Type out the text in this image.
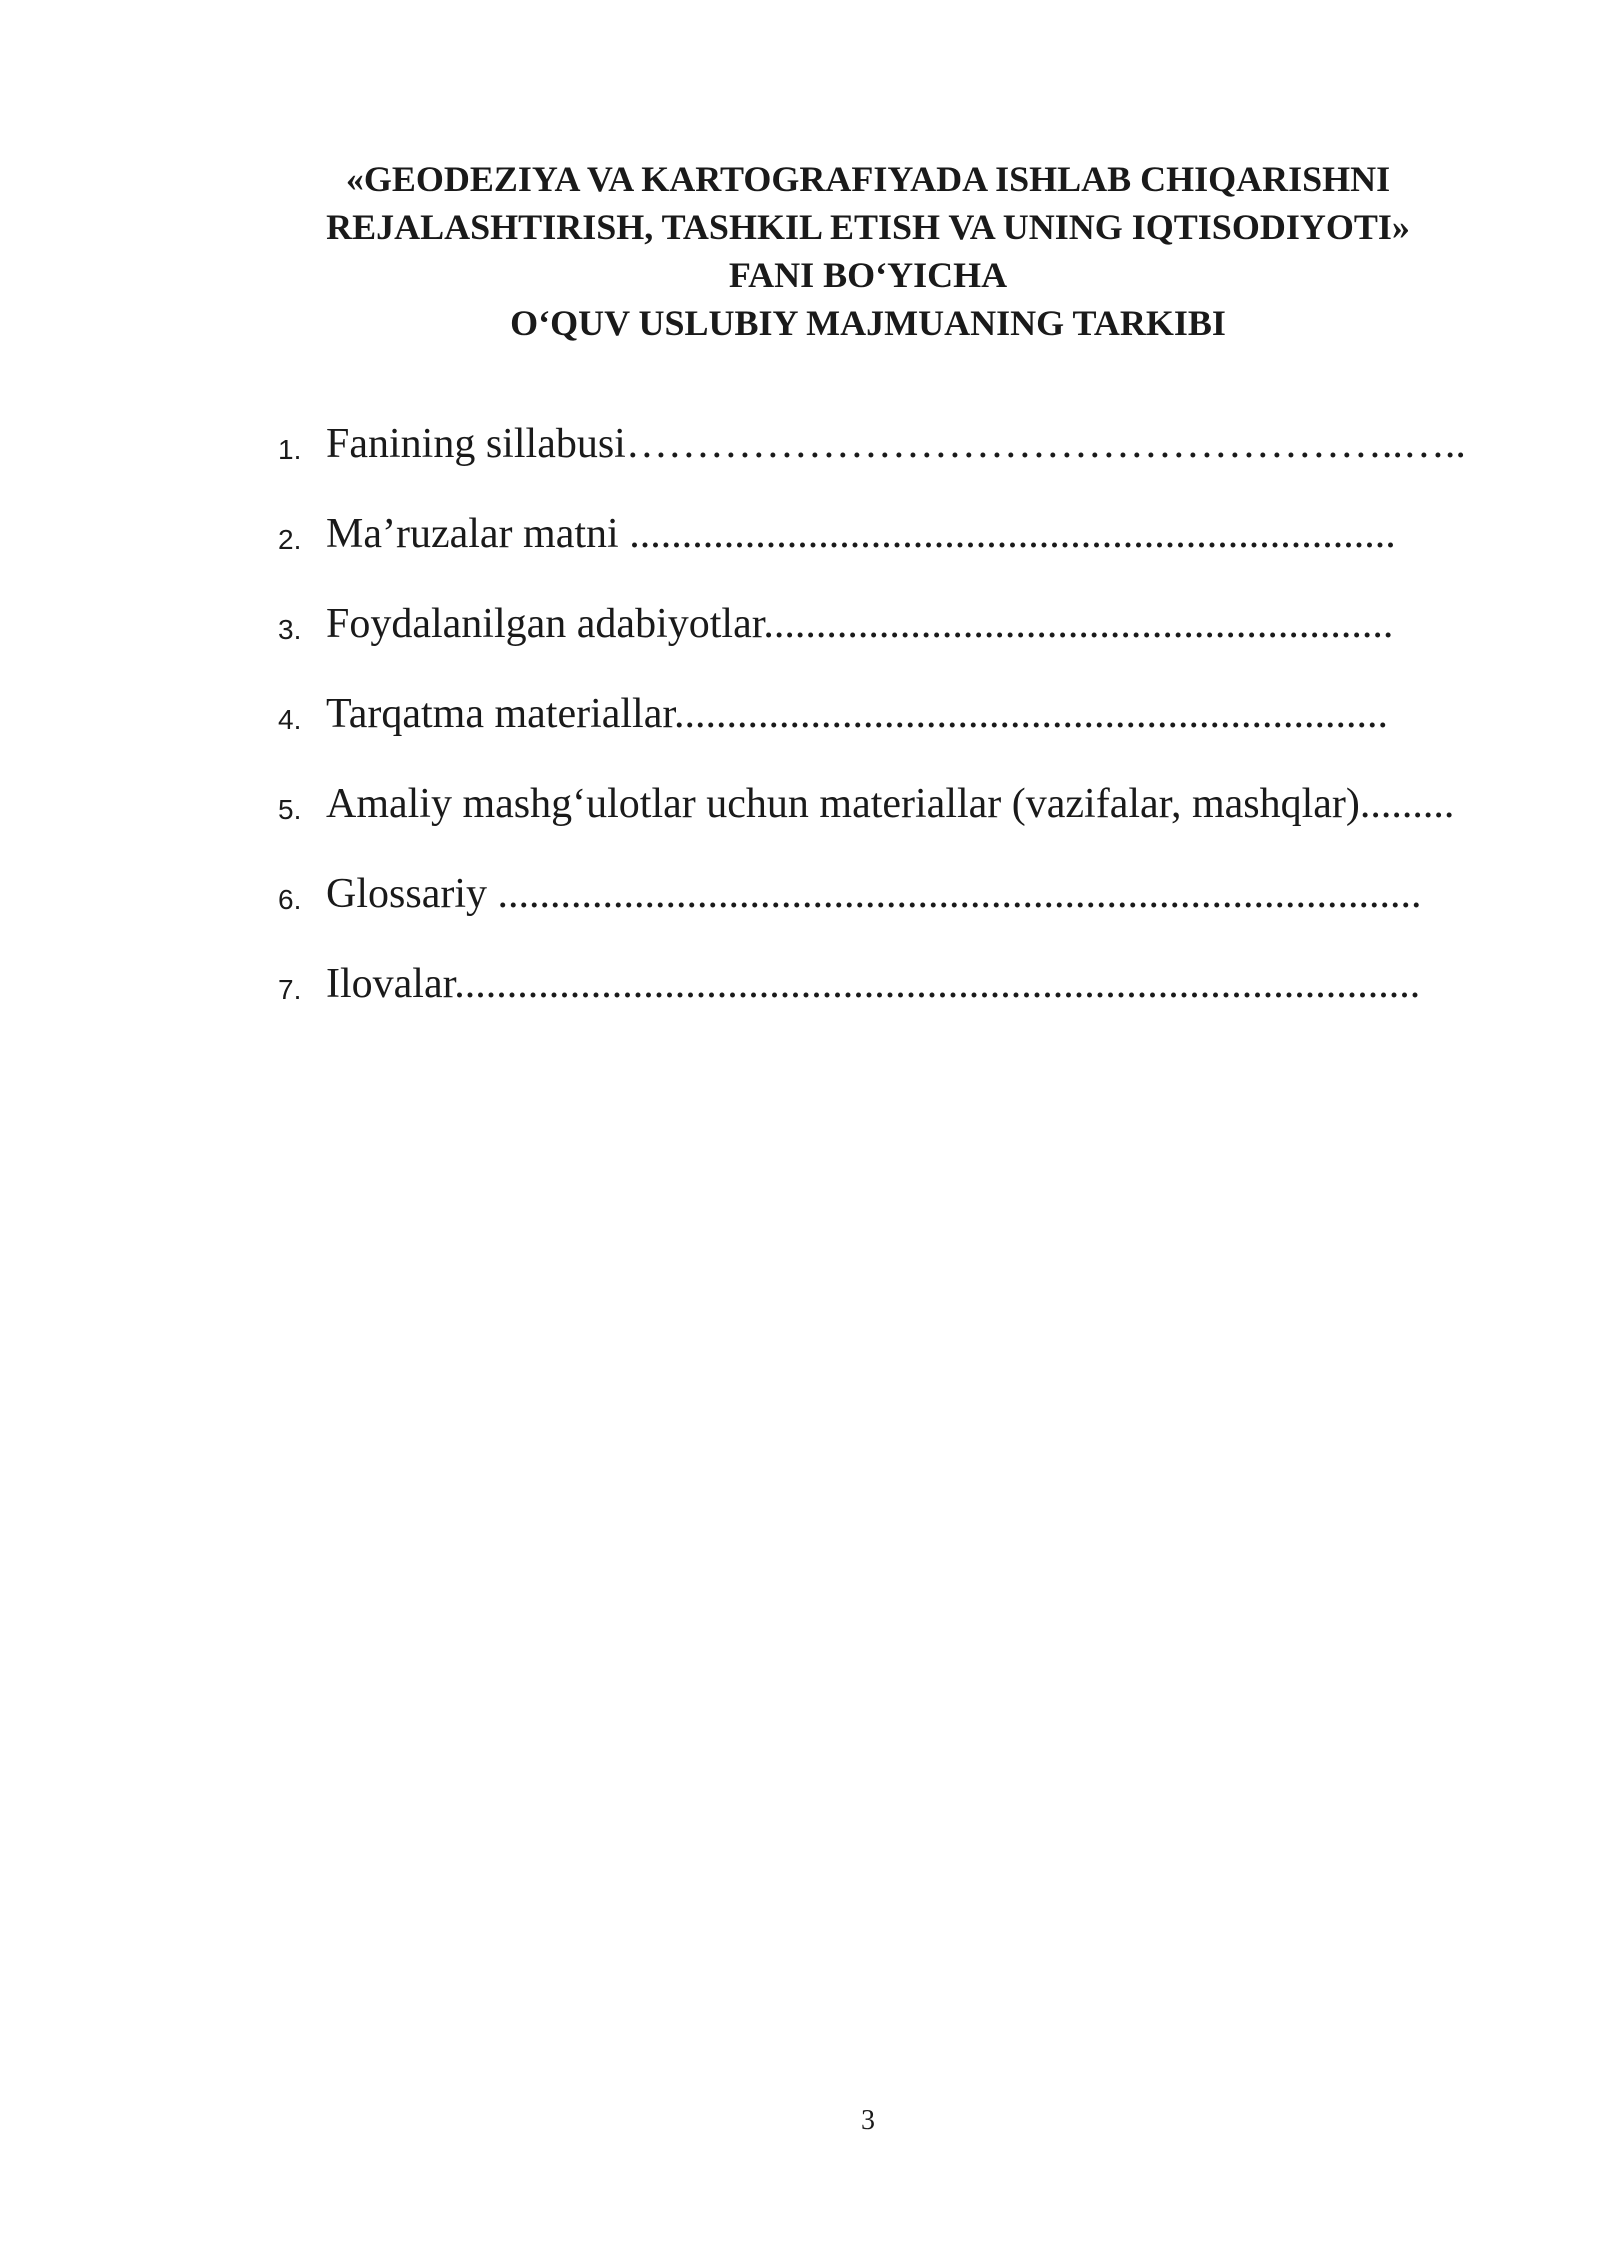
«GEODEZIYA VA KARTOGRAFIYADA ISHLAB CHIQARISHNI
REJALASHTIRISH, TASHKIL ETISH VA UNING IQTISODIYOTI»
FANI BO‘YICHA
O‘QUV USLUBIY MAJMUANING TARKIBI
1. Fanining sillabusi………………………………………………..…..
2. Ma’ruzalar matni .........................................................................
3. Foydalanilgan adabiyotlar............................................................
4. Tarqatma materiallar....................................................................
5. Amaliy mashg‘ulotlar uchun materiallar (vazifalar, mashqlar).........
6. Glossariy ........................................................................................
7. Ilovalar............................................................................................
3
